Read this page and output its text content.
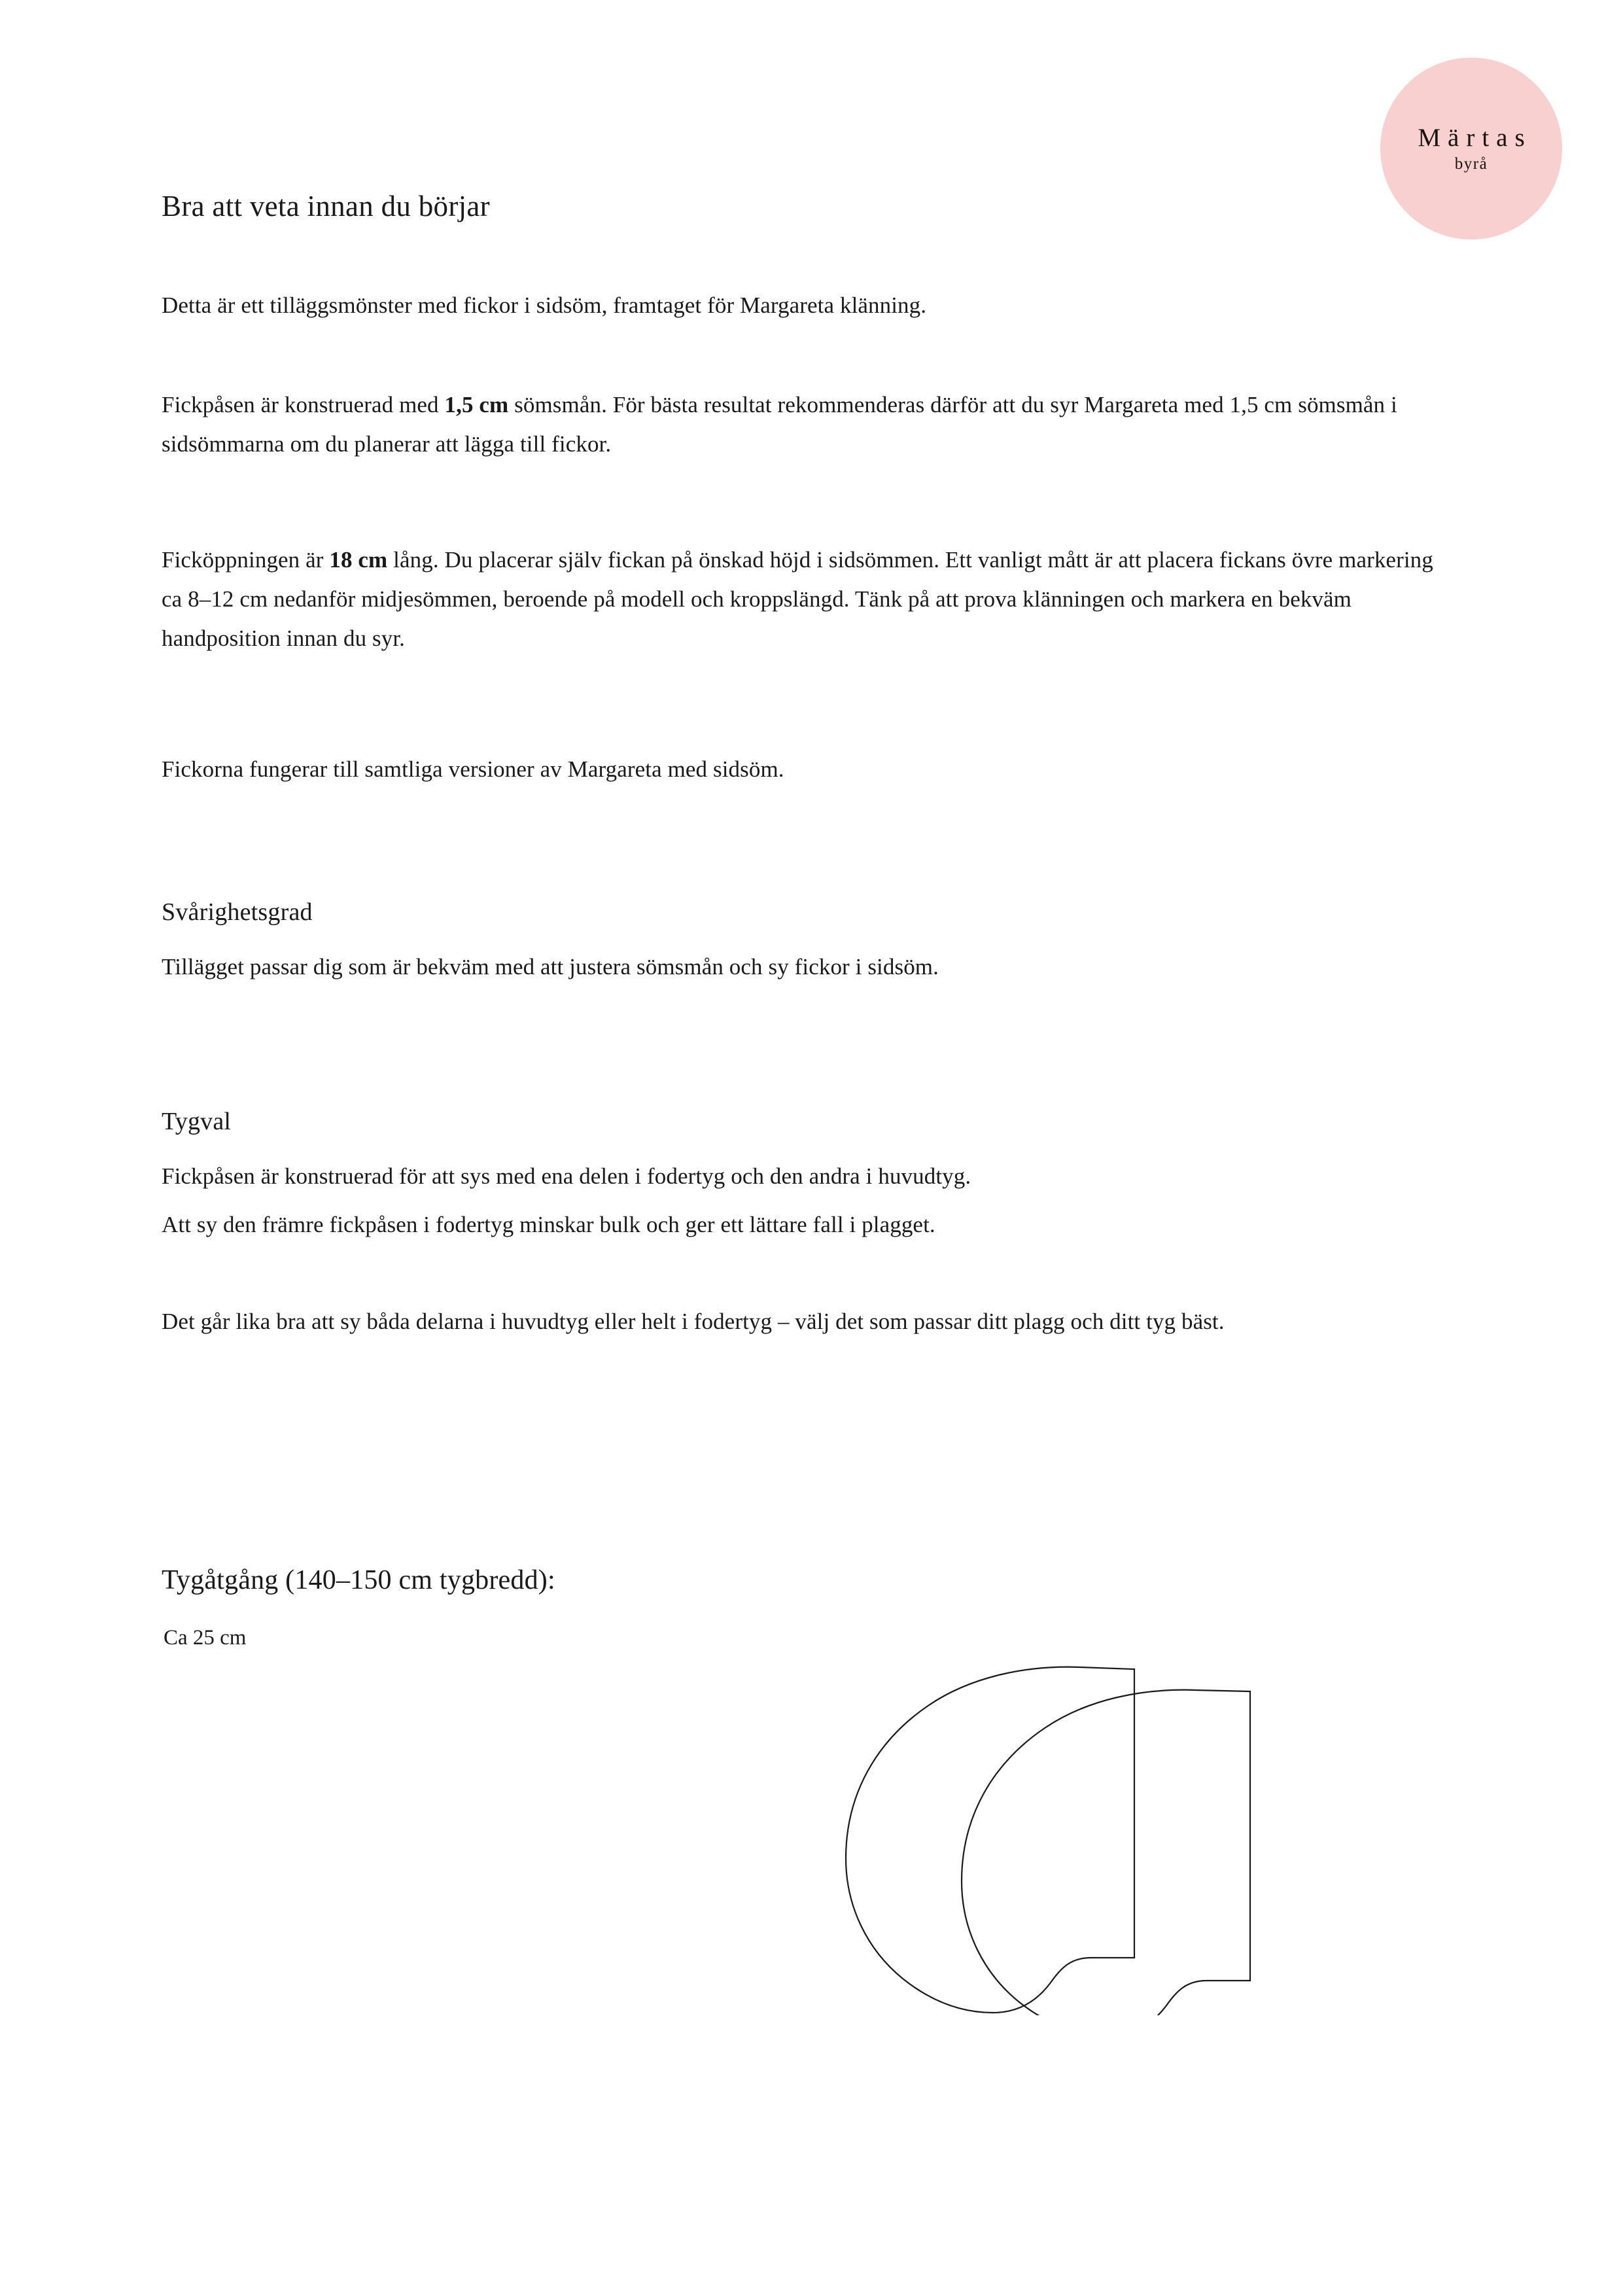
Märtas
byrå
Bra att veta innan du börjar

Detta är ett tilläggsmönster med fickor i sidsöm, framtaget för Margareta klänning.

Fickpåsen är konstruerad med 1,5 cm sömsmån. För bästa resultat rekommenderas därför att du syr Margareta med 1,5 cm sömsmån i sidsömmarna om du planerar att lägga till fickor.

Ficköppningen är 18 cm lång. Du placerar själv fickan på önskad höjd i sidsömmen. Ett vanligt mått är att placera fickans övre markering ca 8–12 cm nedanför midjesömmen, beroende på modell och kroppslängd. Tänk på att prova klänningen och markera en bekväm handposition innan du syr.

Fickorna fungerar till samtliga versioner av Margareta med sidsöm.

Svårighetsgrad

Tillägget passar dig som är bekväm med att justera sömsmån och sy fickor i sidsöm.

Tygval

Fickpåsen är konstruerad för att sys med ena delen i fodertyg och den andra i huvudtyg.

Att sy den främre fickpåsen i fodertyg minskar bulk och ger ett lättare fall i plagget.

Det går lika bra att sy båda delarna i huvudtyg eller helt i fodertyg – välj det som passar ditt plagg och ditt tyg bäst.

Tygåtgång (140–150 cm tygbredd):

Ca 25 cm
